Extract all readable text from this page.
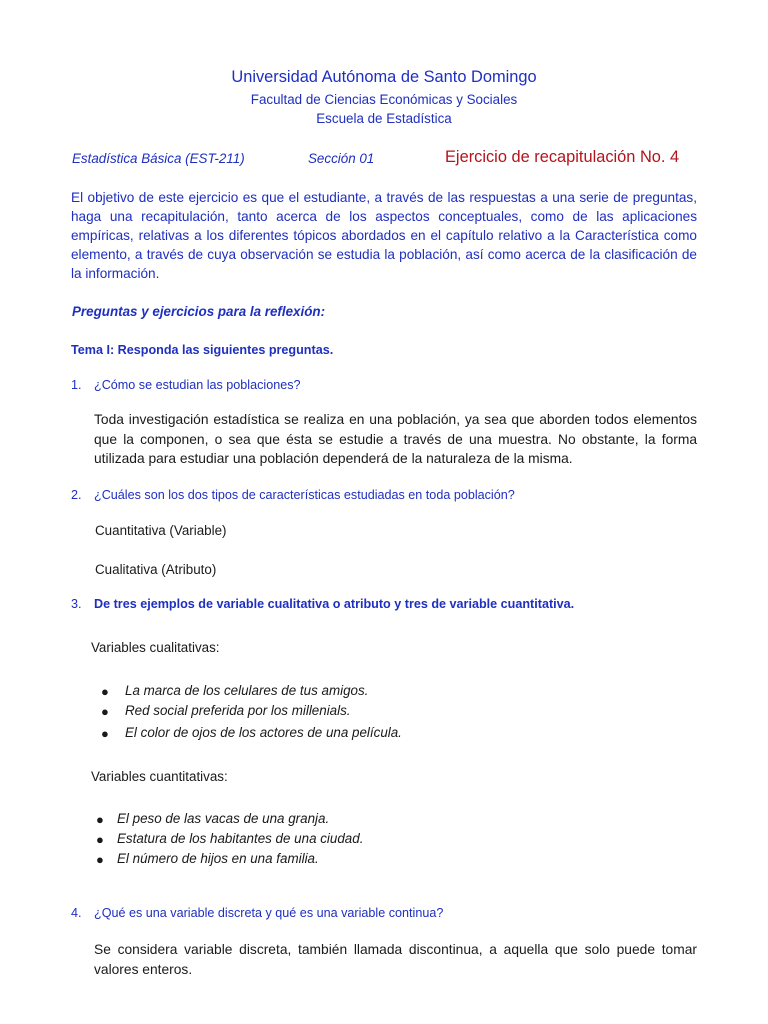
Universidad Autónoma de Santo Domingo
Facultad de Ciencias Económicas y Sociales
Escuela de Estadística
Estadística Básica (EST-211)	Sección 01	Ejercicio de recapitulación No. 4
El objetivo de este ejercicio es que el estudiante, a través de las respuestas a una serie de preguntas, haga una recapitulación, tanto acerca de los aspectos conceptuales, como de las aplicaciones empíricas, relativas a los diferentes tópicos abordados en el capítulo relativo a la Característica como elemento, a través de cuya observación se estudia la población, así como acerca de la clasificación de la información.
Preguntas y ejercicios para la reflexión:
Tema I: Responda las siguientes preguntas.
1. ¿Cómo se estudian las poblaciones?
Toda investigación estadística se realiza en una población, ya sea que aborden todos elementos que la componen, o sea que ésta se estudie a través de una muestra. No obstante, la forma utilizada para estudiar una población dependerá de la naturaleza de la misma.
2. ¿Cuáles son los dos tipos de características estudiadas en toda población?
Cuantitativa (Variable)
Cualitativa (Atributo)
3. De tres ejemplos de variable cualitativa o atributo y tres de variable cuantitativa.
Variables cualitativas:
● La marca de los celulares de tus amigos.
● Red social preferida por los millenials.
● El color de ojos de los actores de una película.
Variables cuantitativas:
● El peso de las vacas de una granja.
● Estatura de los habitantes de una ciudad.
● El número de hijos en una familia.
4. ¿Qué es una variable discreta y qué es una variable continua?
Se considera variable discreta, también llamada discontinua, a aquella que solo puede tomar valores enteros.
